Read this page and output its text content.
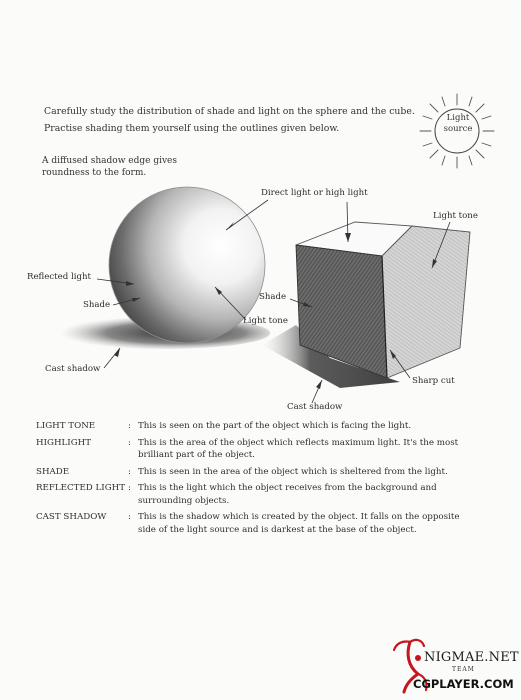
Carefully study the distribution of shade and light on the sphere and the cube.
Practise shading them yourself using the outlines given below.
Light
source
A diffused shadow edge gives
roundness to the form.
Direct light or high light
Light tone
Reflected light
Shade
Light tone
Shade
Cast shadow
Sharp cut
Cast shadow
LIGHT TONE	: This is seen on the part of the object which is facing the light.
HIGHLIGHT	: This is the area of the object which reflects maximum light. It's the most brilliant part of the object.
SHADE	: This is seen in the area of the object which is sheltered from the light.
REFLECTED LIGHT : This is the light which the object receives from the background and surrounding objects.
CAST SHADOW	: This is the shadow which is created by the object. It falls on the opposite side of the light source and is darkest at the base of the object.
NIGMAE.NET
TEAM
CGPLAYER.COM
